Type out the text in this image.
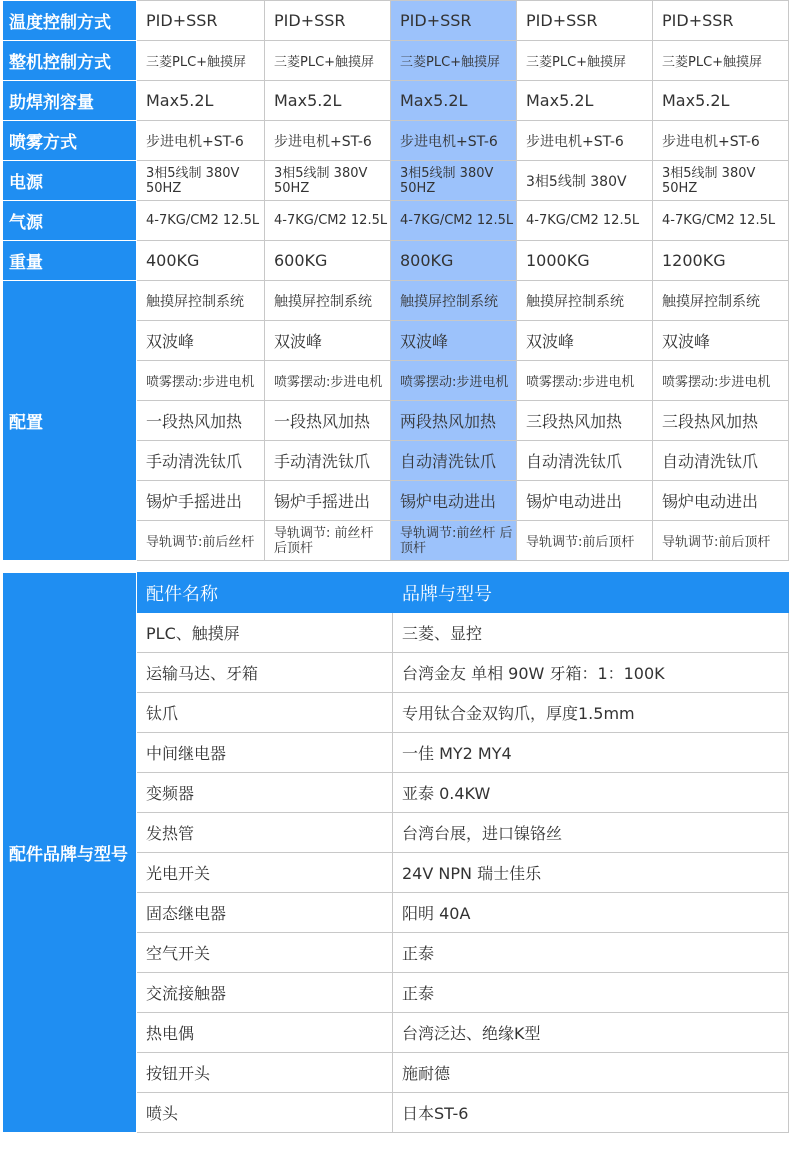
温度控制方式	PID+SSR	PID+SSR	PID+SSR	PID+SSR	PID+SSR
整机控制方式	三菱PLC+触摸屏	三菱PLC+触摸屏	三菱PLC+触摸屏	三菱PLC+触摸屏	三菱PLC+触摸屏
助焊剂容量	Max5.2L	Max5.2L	Max5.2L	Max5.2L	Max5.2L
喷雾方式	步进电机+ST-6	步进电机+ST-6	步进电机+ST-6	步进电机+ST-6	步进电机+ST-6
电源	3相5线制 380V 50HZ	3相5线制 380V 50HZ	3相5线制 380V 50HZ	3相5线制 380V	3相5线制 380V 50HZ
气源	4-7KG/CM2 12.5L	4-7KG/CM2 12.5L	4-7KG/CM2 12.5L	4-7KG/CM2 12.5L	4-7KG/CM2 12.5L
重量	400KG	600KG	800KG	1000KG	1200KG
配置	触摸屏控制系统	触摸屏控制系统	触摸屏控制系统	触摸屏控制系统	触摸屏控制系统
	双波峰	双波峰	双波峰	双波峰	双波峰
	喷雾摆动:步进电机	喷雾摆动:步进电机	喷雾摆动:步进电机	喷雾摆动:步进电机	喷雾摆动:步进电机
	一段热风加热	一段热风加热	两段热风加热	三段热风加热	三段热风加热
	手动清洗钛爪	手动清洗钛爪	自动清洗钛爪	自动清洗钛爪	自动清洗钛爪
	锡炉手摇进出	锡炉手摇进出	锡炉电动进出	锡炉电动进出	锡炉电动进出
	导轨调节:前后丝杆	导轨调节: 前丝杆 后顶杆	导轨调节:前丝杆 后顶杆	导轨调节:前后顶杆	导轨调节:前后顶杆
配件品牌与型号	配件名称	品牌与型号
	PLC、触摸屏	三菱、显控
	运输马达、牙箱	台湾金友 单相 90W 牙箱：1：100K
	钛爪	专用钛合金双钩爪，厚度1.5mm
	中间继电器	一佳 MY2 MY4
	变频器	亚泰 0.4KW
	发热管	台湾台展，进口镍铬丝
	光电开关	24V NPN 瑞士佳乐
	固态继电器	阳明 40A
	空气开关	正泰
	交流接触器	正泰
	热电偶	台湾泛达、绝缘K型
	按钮开头	施耐德
	喷头	日本ST-6
